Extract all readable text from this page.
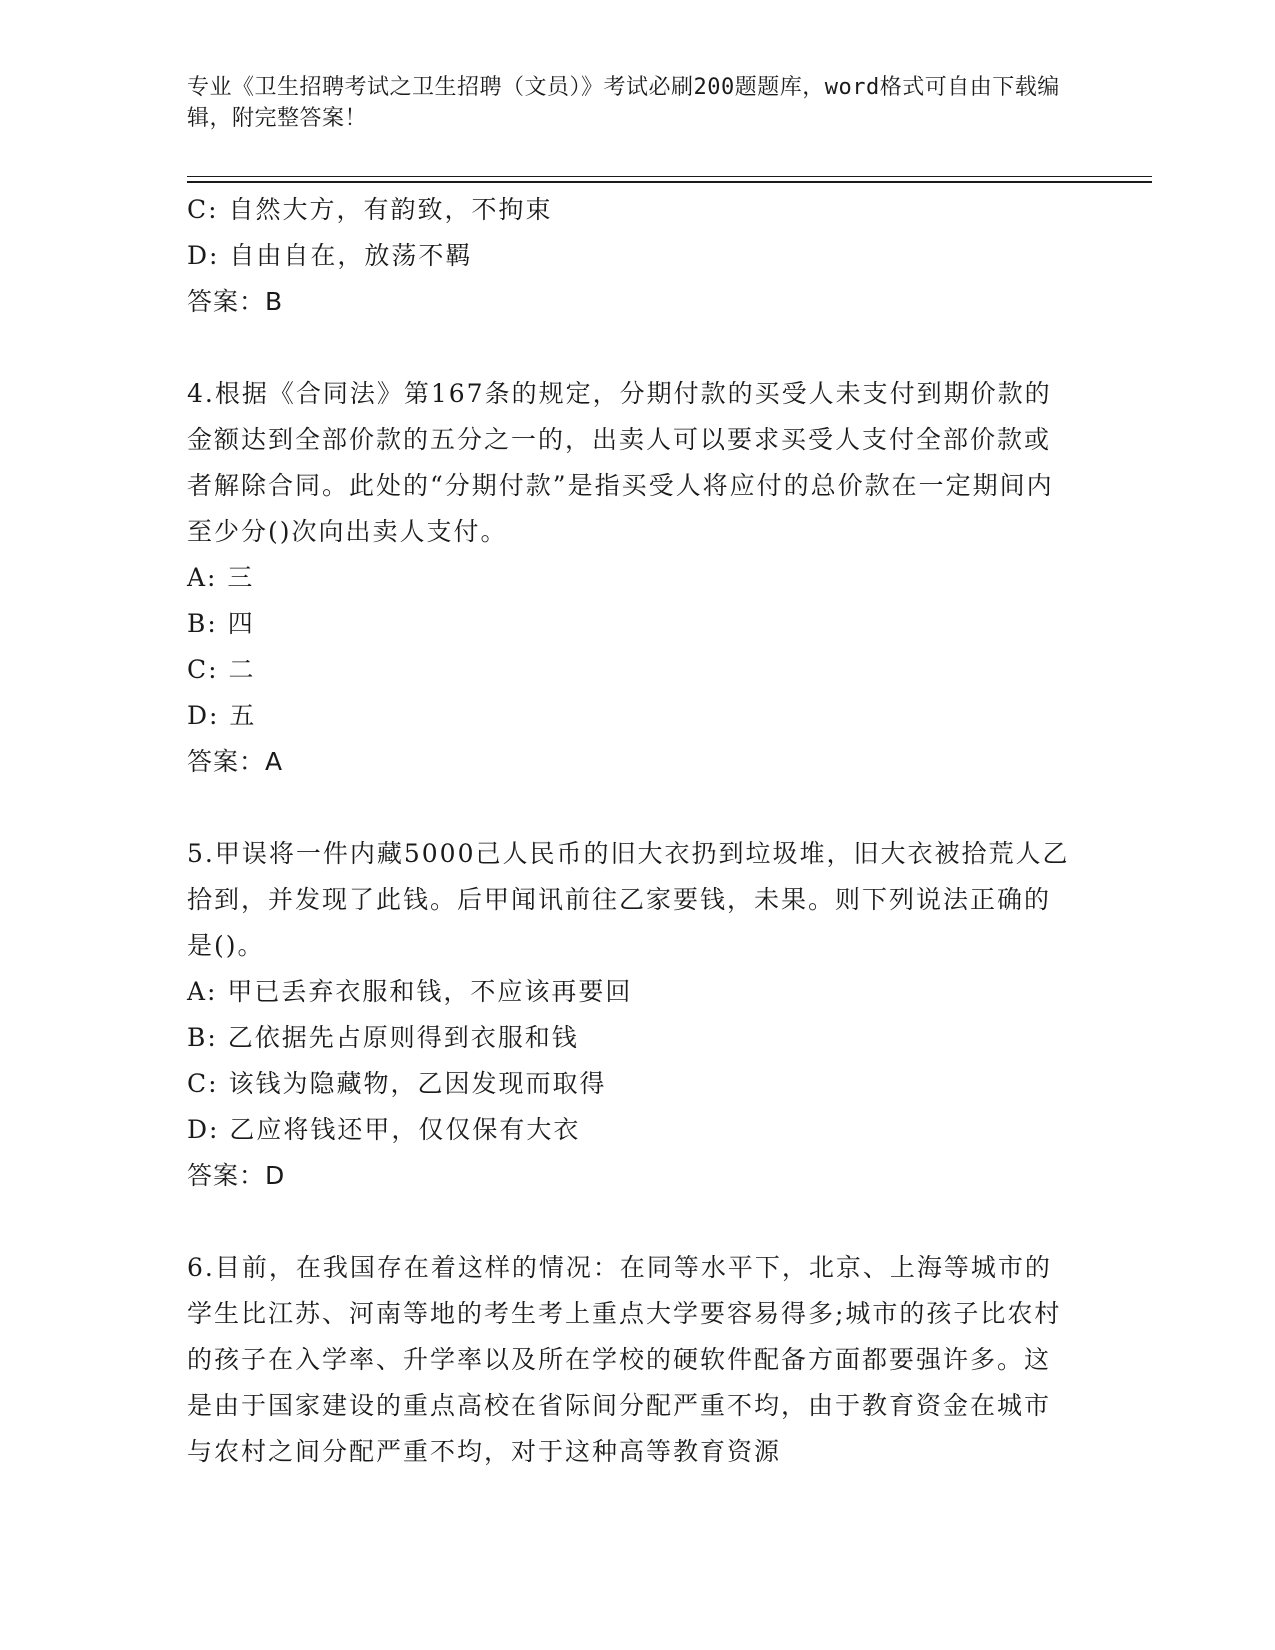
专业《卫生招聘考试之卫生招聘（文员）》考试必刷200题题库，word格式可自由下载编辑，附完整答案！
C: 自然大方，有韵致，不拘束
D: 自由自在，放荡不羁
答案：B
4.根据《合同法》第167条的规定，分期付款的买受人未支付到期价款的金额达到全部价款的五分之一的，出卖人可以要求买受人支付全部价款或者解除合同。此处的“分期付款”是指买受人将应付的总价款在一定期间内至少分()次向出卖人支付。
A: 三
B: 四
C: 二
D: 五
答案：A
5.甲误将一件内藏5000己人民币的旧大衣扔到垃圾堆，旧大衣被拾荒人乙拾到，并发现了此钱。后甲闻讯前往乙家要钱，未果。则下列说法正确的是()。
A: 甲已丢弃衣服和钱，不应该再要回
B: 乙依据先占原则得到衣服和钱
C: 该钱为隐藏物，乙因发现而取得
D: 乙应将钱还甲，仅仅保有大衣
答案：D
6.目前，在我国存在着这样的情况：在同等水平下，北京、上海等城市的学生比江苏、河南等地的考生考上重点大学要容易得多;城市的孩子比农村的孩子在入学率、升学率以及所在学校的硬软件配备方面都要强许多。这是由于国家建设的重点高校在省际间分配严重不均，由于教育资金在城市与农村之间分配严重不均，对于这种高等教育资源
